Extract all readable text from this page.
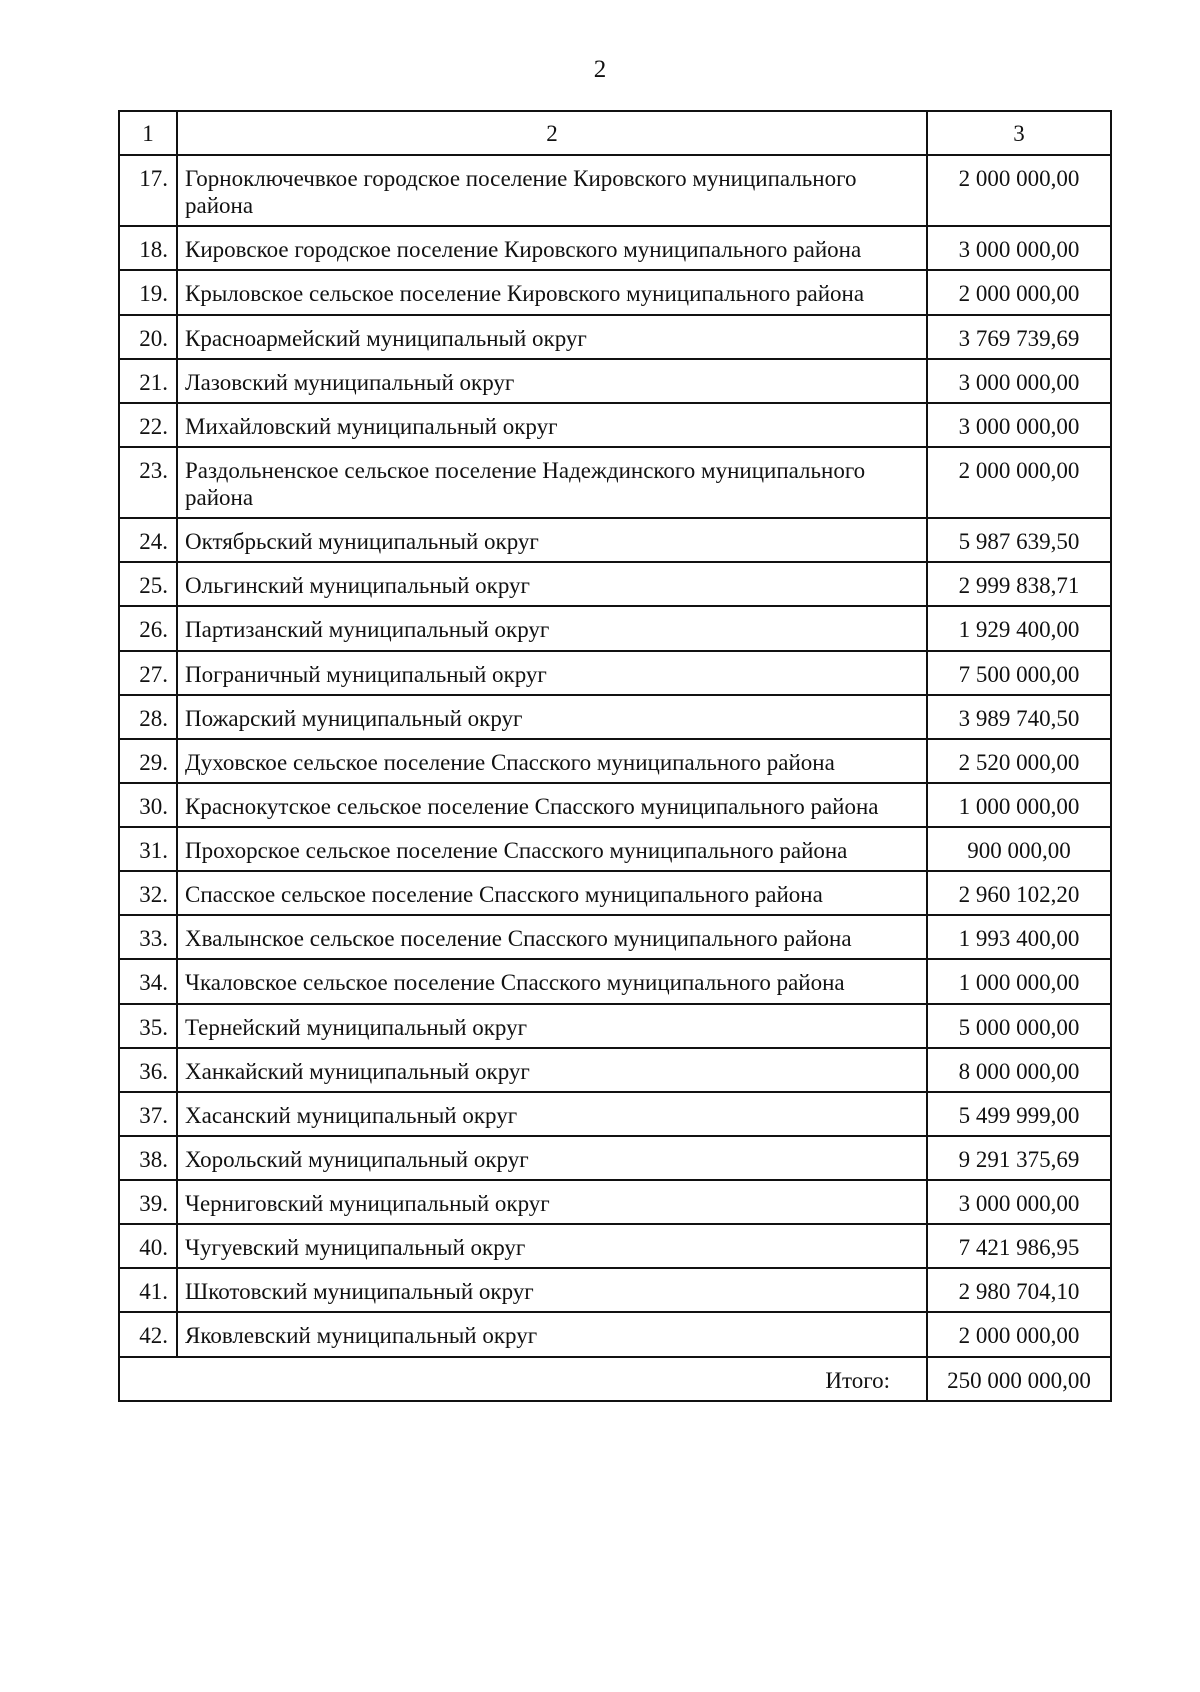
2
1	2	3
17.	Горноключечвкое городское поселение Кировского муниципального района	2 000 000,00
18.	Кировское городское поселение Кировского муниципального района	3 000 000,00
19.	Крыловское сельское поселение Кировского муниципального района	2 000 000,00
20.	Красноармейский муниципальный округ	3 769 739,69
21.	Лазовский муниципальный округ	3 000 000,00
22.	Михайловский муниципальный округ	3 000 000,00
23.	Раздольненское сельское поселение Надеждинского муниципального района	2 000 000,00
24.	Октябрьский муниципальный округ	5 987 639,50
25.	Ольгинский муниципальный округ	2 999 838,71
26.	Партизанский муниципальный округ	1 929 400,00
27.	Пограничный муниципальный округ	7 500 000,00
28.	Пожарский муниципальный округ	3 989 740,50
29.	Духовское сельское поселение Спасского муниципального района	2 520 000,00
30.	Краснокутское сельское поселение Спасского муниципального района	1 000 000,00
31.	Прохорское сельское поселение Спасского муниципального района	900 000,00
32.	Спасское сельское поселение Спасского муниципального района	2 960 102,20
33.	Хвалынское сельское поселение Спасского муниципального района	1 993 400,00
34.	Чкаловское сельское поселение Спасского муниципального района	1 000 000,00
35.	Тернейский муниципальный округ	5 000 000,00
36.	Ханкайский муниципальный округ	8 000 000,00
37.	Хасанский муниципальный округ	5 499 999,00
38.	Хорольский муниципальный округ	9 291 375,69
39.	Черниговский муниципальный округ	3 000 000,00
40.	Чугуевский муниципальный округ	7 421 986,95
41.	Шкотовский муниципальный округ	2 980 704,10
42.	Яковлевский муниципальный округ	2 000 000,00
Итого:		250 000 000,00
